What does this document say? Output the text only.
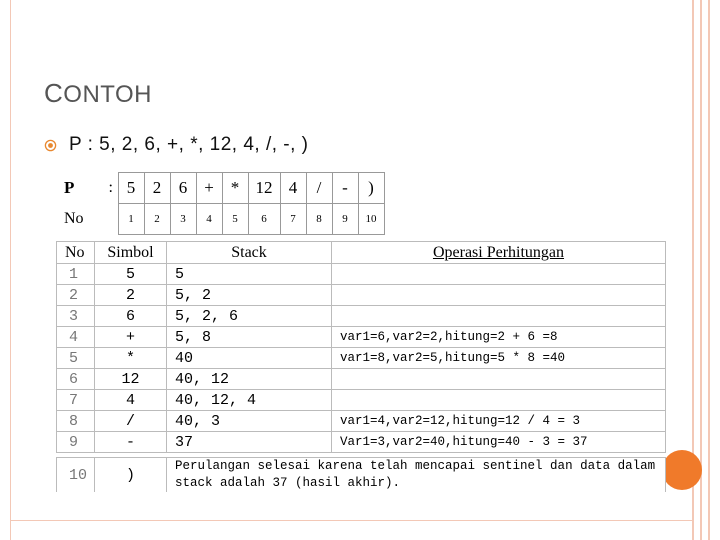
CONTOH
P : 5, 2, 6, +, *, 12, 4, /, -, )
P	:	5	2	6	+	*	12	4	/	-	)
No		1	2	3	4	5	6	7	8	9	10
No	Simbol	Stack	Operasi Perhitungan
1	5	5	
2	2	5, 2	
3	6	5, 2, 6	
4	+	5, 8	var1=6,var2=2,hitung=2 + 6 =8
5	*	40	var1=8,var2=5,hitung=5 * 8 =40
6	12	40, 12	
7	4	40, 12, 4	
8	/	40, 3	var1=4,var2=12,hitung=12 / 4 = 3
9	-	37	Var1=3,var2=40,hitung=40 - 3 = 37

10	)	Perulangan selesai karena telah mencapai sentinel dan data dalam stack adalah 37 (hasil akhir).	
